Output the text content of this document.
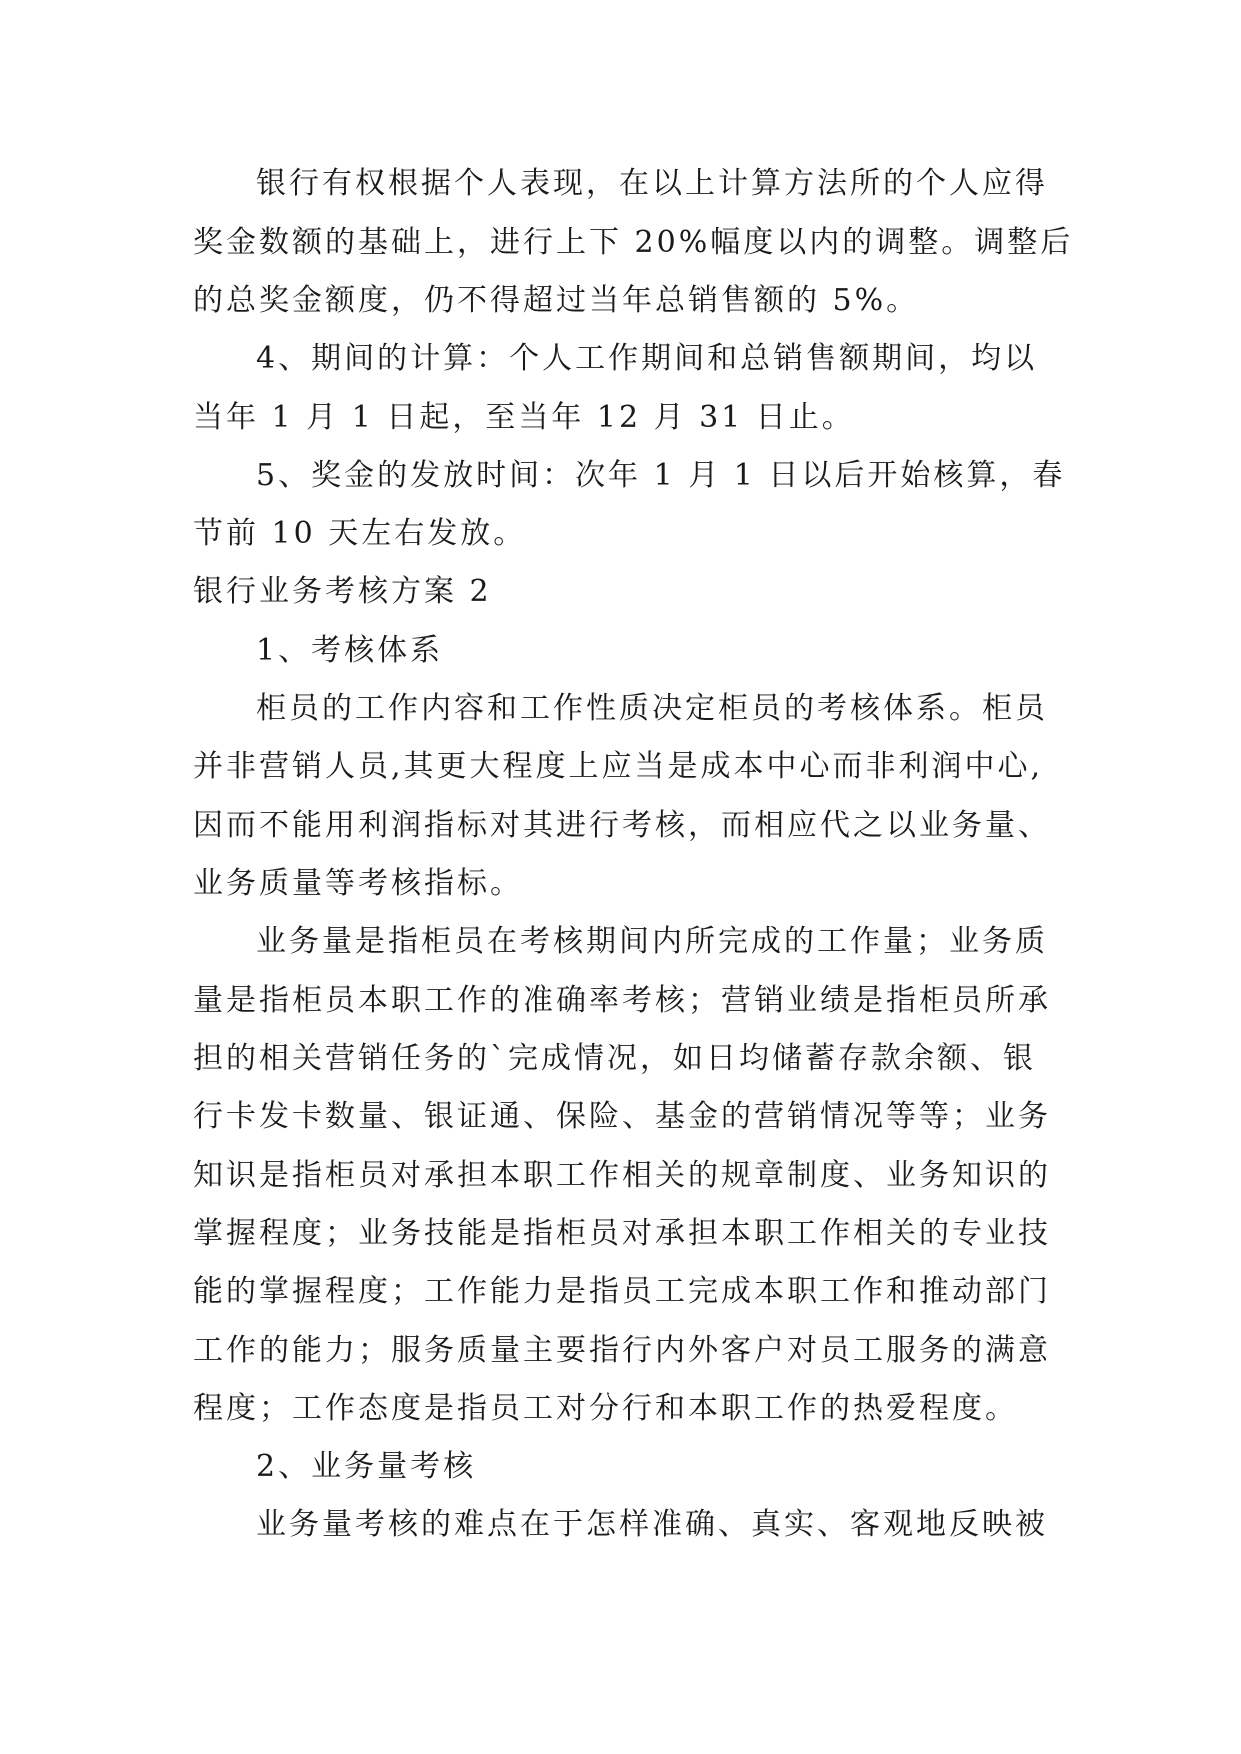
银行有权根据个人表现，在以上计算方法所的个人应得
奖金数额的基础上，进行上下 20%幅度以内的调整。调整后
的总奖金额度，仍不得超过当年总销售额的 5%。
4、期间的计算：个人工作期间和总销售额期间，均以
当年 1 月 1 日起，至当年 12 月 31 日止。
5、奖金的发放时间：次年 1 月 1 日以后开始核算，春
节前 10 天左右发放。
银行业务考核方案 2
1、考核体系
柜员的工作内容和工作性质决定柜员的考核体系。柜员
并非营销人员,其更大程度上应当是成本中心而非利润中心,
因而不能用利润指标对其进行考核，而相应代之以业务量、
业务质量等考核指标。
业务量是指柜员在考核期间内所完成的工作量；业务质
量是指柜员本职工作的准确率考核；营销业绩是指柜员所承
担的相关营销任务的`完成情况，如日均储蓄存款余额、银
行卡发卡数量、银证通、保险、基金的营销情况等等；业务
知识是指柜员对承担本职工作相关的规章制度、业务知识的
掌握程度；业务技能是指柜员对承担本职工作相关的专业技
能的掌握程度；工作能力是指员工完成本职工作和推动部门
工作的能力；服务质量主要指行内外客户对员工服务的满意
程度；工作态度是指员工对分行和本职工作的热爱程度。
2、业务量考核
业务量考核的难点在于怎样准确、真实、客观地反映被
